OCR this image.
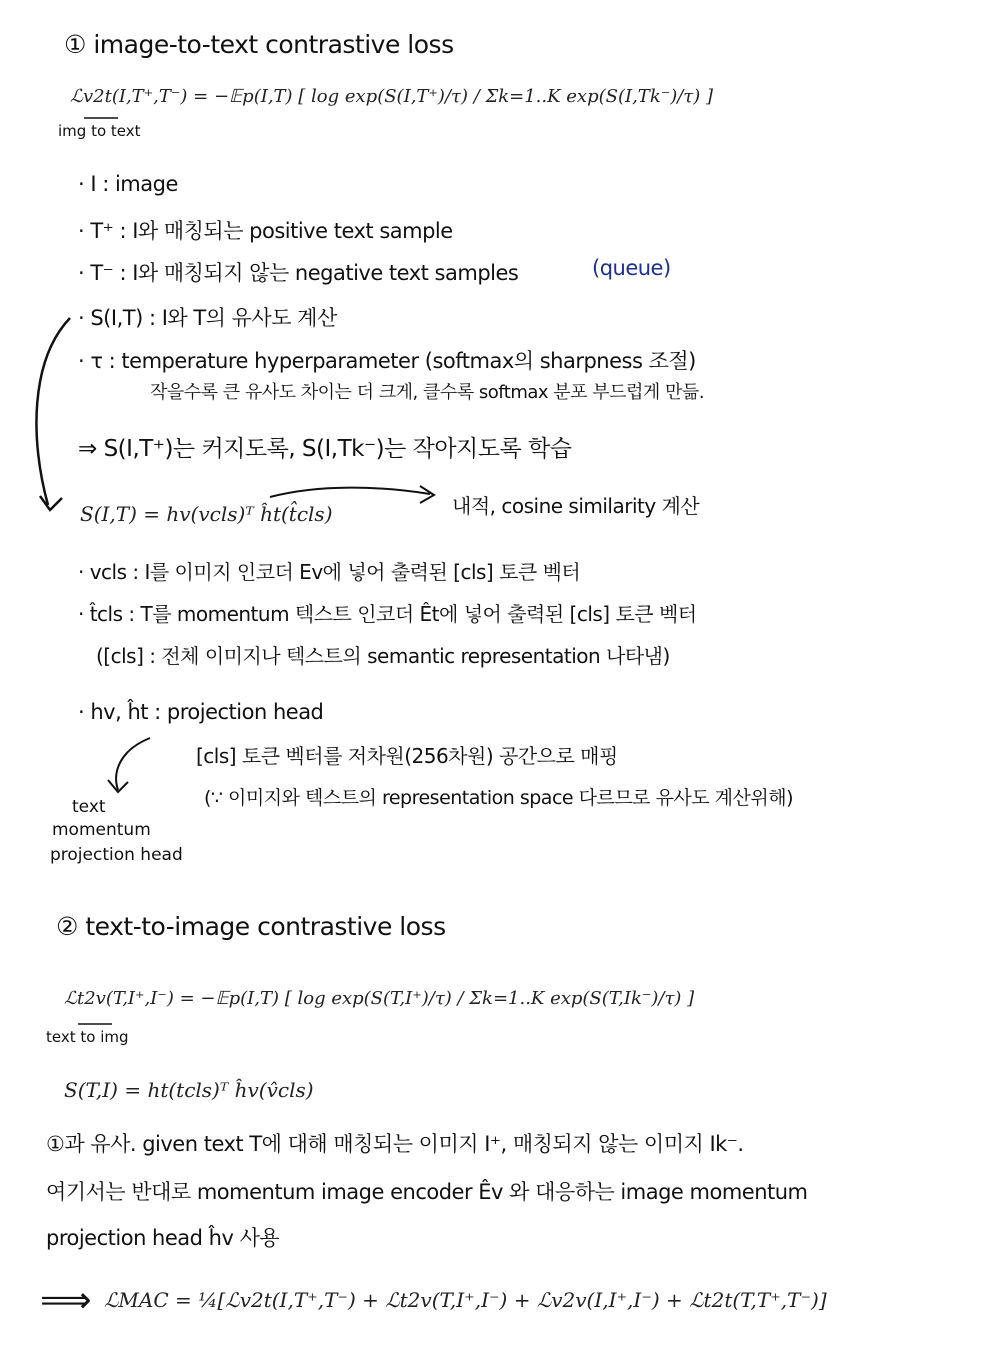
① image-to-text contrastive loss
ℒv2t(I,T⁺,T⁻) = −𝔼p(I,T) [ log exp(S(I,T⁺)/τ) / Σk=1..K exp(S(I,Tk⁻)/τ) ]
img to text
· I : image
· T⁺ : I와 매칭되는 positive text sample
· T⁻ : I와 매칭되지 않는 negative text samples	(queue)
· S(I,T) : I와 T의 유사도 계산
· τ : temperature hyperparameter (softmax의 sharpness 조절)
작을수록 큰 유사도 차이는 더 크게, 클수록 softmax 분포 부드럽게 만듦.
⇒ S(I,T⁺)는 커지도록, S(I,Tk⁻)는 작아지도록 학습
S(I,T) = hv(vcls)ᵀ ĥt(t̂cls)	내적, cosine similarity 계산
· vcls : I를 이미지 인코더 Ev에 넣어 출력된 [cls] 토큰 벡터
· t̂cls : T를 momentum 텍스트 인코더 Êt에 넣어 출력된 [cls] 토큰 벡터
([cls] : 전체 이미지나 텍스트의 semantic representation 나타냄)
· hv, ĥt : projection head
[cls] 토큰 벡터를 저차원(256차원) 공간으로 매핑
(∵ 이미지와 텍스트의 representation space 다르므로 유사도 계산위해)
text
momentum
projection head
② text-to-image contrastive loss
ℒt2v(T,I⁺,I⁻) = −𝔼p(I,T) [ log exp(S(T,I⁺)/τ) / Σk=1..K exp(S(T,Ik⁻)/τ) ]
text to img
S(T,I) = ht(tcls)ᵀ ĥv(v̂cls)
①과 유사. given text T에 대해 매칭되는 이미지 I⁺, 매칭되지 않는 이미지 Ik⁻.
여기서는 반대로 momentum image encoder Êv 와 대응하는 image momentum
projection head ĥv 사용
⟹ ℒMAC = ¼[ℒv2t(I,T⁺,T⁻) + ℒt2v(T,I⁺,I⁻) + ℒv2v(I,I⁺,I⁻) + ℒt2t(T,T⁺,T⁻)]
